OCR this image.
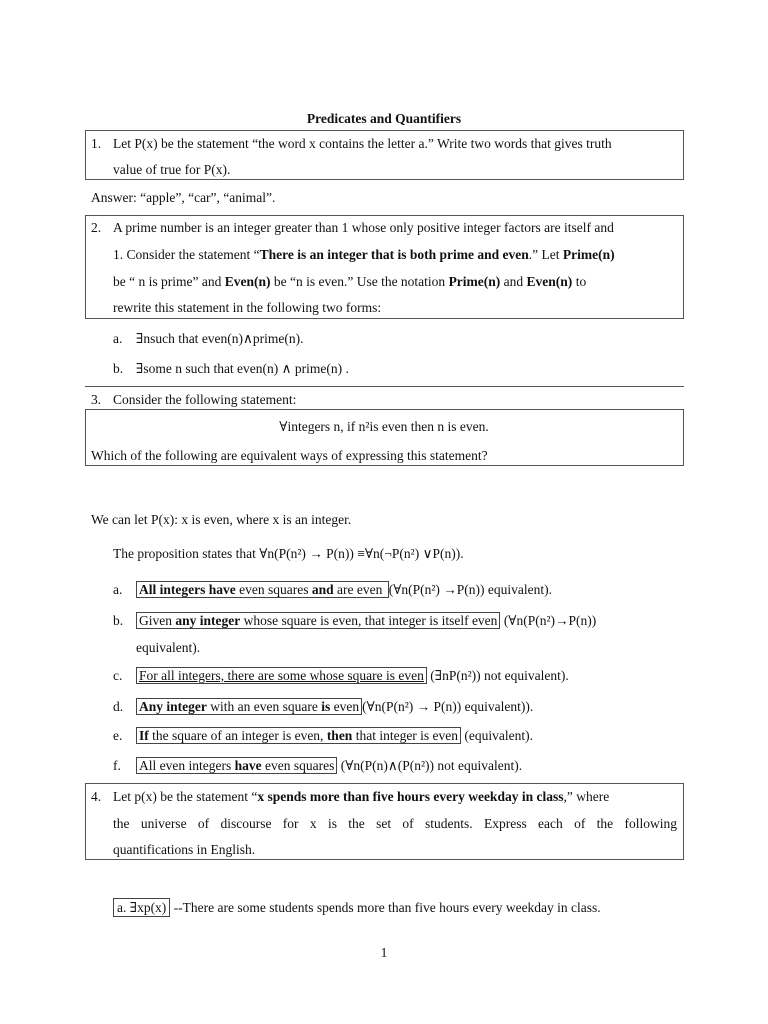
Predicates and Quantifiers
1. Let P(x) be the statement “the word x contains the letter a.” Write two words that gives truth
value of true for P(x).
Answer: “apple”, “car”, “animal”.
2. A prime number is an integer greater than 1 whose only positive integer factors are itself and
1. Consider the statement “There is an integer that is both prime and even.” Let Prime(n)
be “ n is prime” and Even(n) be “n is even.” Use the notation Prime(n) and Even(n) to
rewrite this statement in the following two forms:
a. ∃nsuch that even(n)∧prime(n).
b. ∃some n such that even(n) ∧ prime(n) .
3. Consider the following statement:
∀integers n, if n²is even then n is even.
Which of the following are equivalent ways of expressing this statement?
We can let P(x): x is even, where x is an integer.
The proposition states that ∀n(P(n²) → P(n)) ≡∀n(¬P(n²) ∨P(n)).
a. All integers have even squares and are even (∀n(P(n²) →P(n)) equivalent).
b. Given any integer whose square is even, that integer is itself even (∀n(P(n²)→P(n))
equivalent).
c. For all integers, there are some whose square is even (∃nP(n²)) not equivalent).
d. Any integer with an even square is even (∀n(P(n²) → P(n)) equivalent)).
e. If the square of an integer is even, then that integer is even (equivalent).
f. All even integers have even squares (∀n(P(n)∧(P(n²)) not equivalent).
4. Let p(x) be the statement “x spends more than five hours every weekday in class,” where
the universe of discourse for x is the set of students. Express each of the following
quantifications in English.
a. ∃xp(x) --There are some students spends more than five hours every weekday in class.
1
